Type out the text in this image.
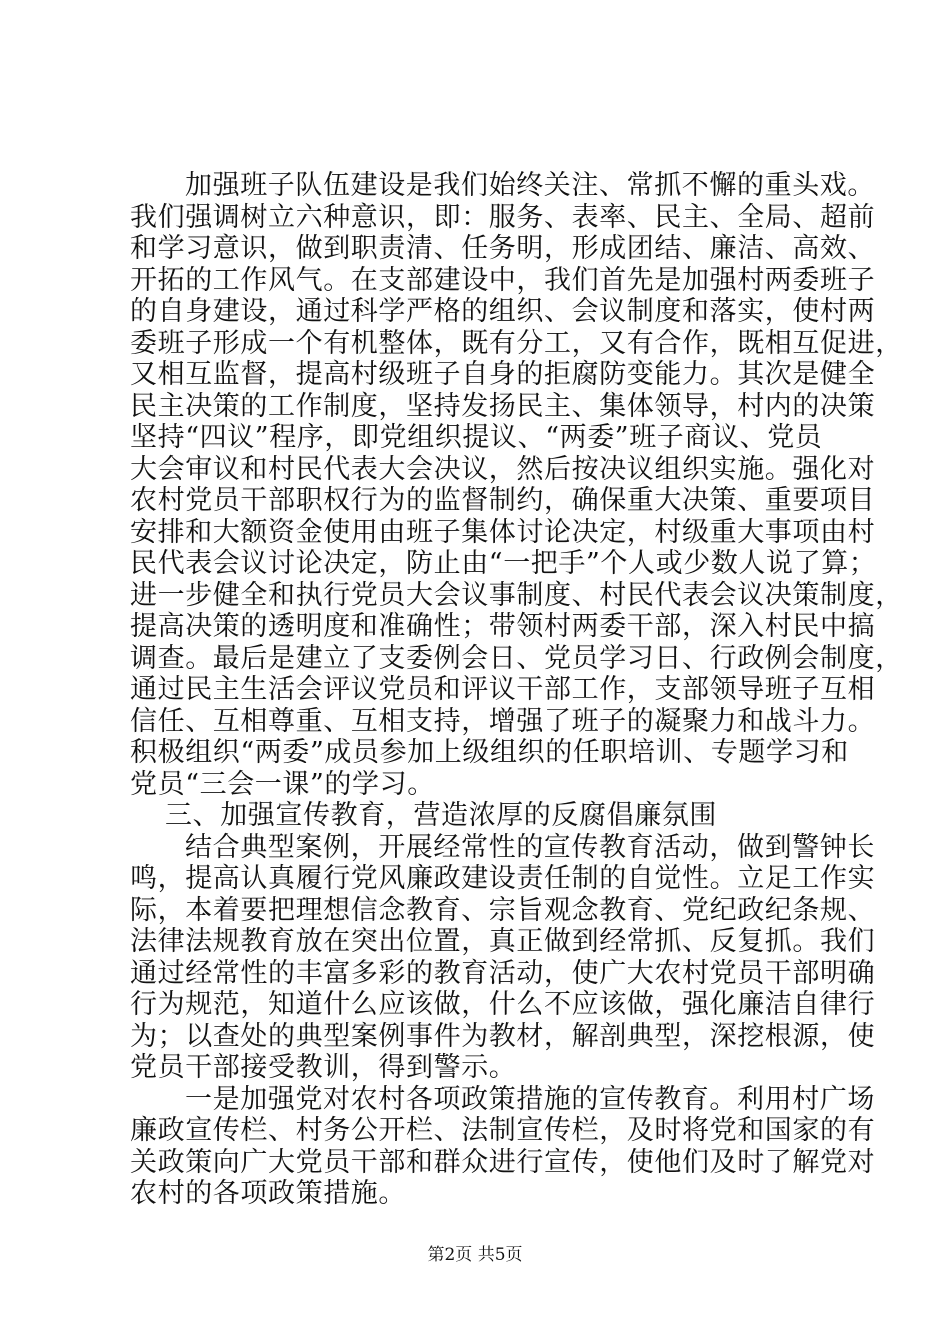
加强班子队伍建设是我们始终关注、常抓不懈的重头戏。
我们强调树立六种意识，即：服务、表率、民主、全局、超前
和学习意识，做到职责清、任务明，形成团结、廉洁、高效、
开拓的工作风气。在支部建设中，我们首先是加强村两委班子
的自身建设，通过科学严格的组织、会议制度和落实，使村两
委班子形成一个有机整体，既有分工，又有合作，既相互促进，
又相互监督，提高村级班子自身的拒腐防变能力。其次是健全
民主决策的工作制度，坚持发扬民主、集体领导，村内的决策
坚持“四议”程序，即党组织提议、“两委”班子商议、党员
大会审议和村民代表大会决议，然后按决议组织实施。强化对
农村党员干部职权行为的监督制约，确保重大决策、重要项目
安排和大额资金使用由班子集体讨论决定，村级重大事项由村
民代表会议讨论决定，防止由“一把手”个人或少数人说了算；
进一步健全和执行党员大会议事制度、村民代表会议决策制度，
提高决策的透明度和准确性；带领村两委干部，深入村民中搞
调查。最后是建立了支委例会日、党员学习日、行政例会制度，
通过民主生活会评议党员和评议干部工作，支部领导班子互相
信任、互相尊重、互相支持，增强了班子的凝聚力和战斗力。
积极组织“两委”成员参加上级组织的任职培训、专题学习和
党员“三会一课”的学习。
三、加强宣传教育，营造浓厚的反腐倡廉氛围
结合典型案例，开展经常性的宣传教育活动，做到警钟长
鸣，提高认真履行党风廉政建设责任制的自觉性。立足工作实
际，本着要把理想信念教育、宗旨观念教育、党纪政纪条规、
法律法规教育放在突出位置，真正做到经常抓、反复抓。我们
通过经常性的丰富多彩的教育活动，使广大农村党员干部明确
行为规范，知道什么应该做，什么不应该做，强化廉洁自律行
为；以查处的典型案例事件为教材，解剖典型，深挖根源，使
党员干部接受教训，得到警示。
一是加强党对农村各项政策措施的宣传教育。利用村广场
廉政宣传栏、村务公开栏、法制宣传栏，及时将党和国家的有
关政策向广大党员干部和群众进行宣传，使他们及时了解党对
农村的各项政策措施。
第2页 共5页
